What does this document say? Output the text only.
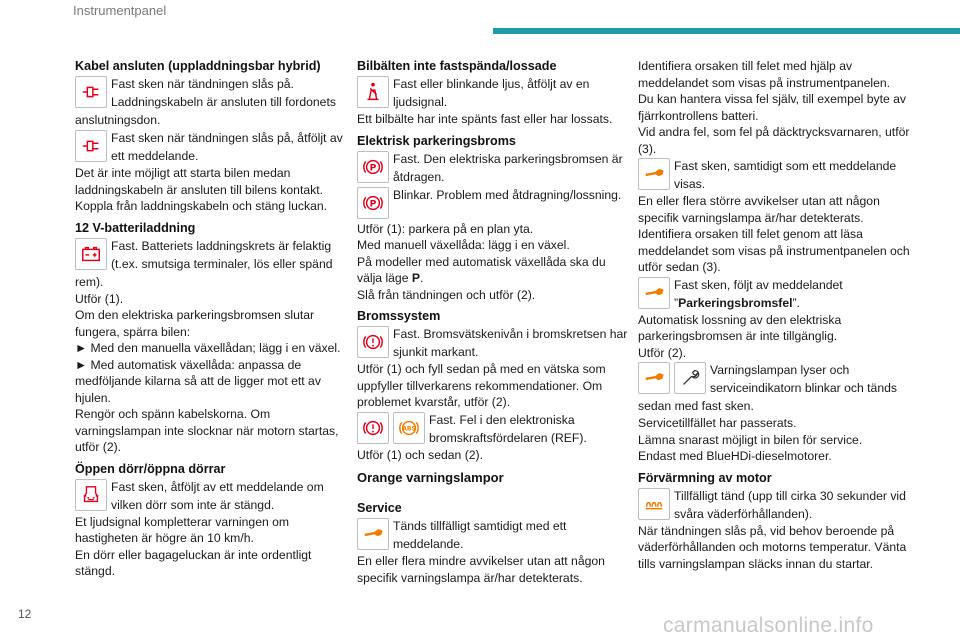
Instrumentpanel
Kabel ansluten (uppladdningsbar hybrid)
Fast sken när tändningen slås på. Laddningskabeln är ansluten till fordonets anslutningsdon.
Fast sken när tändningen slås på, åtföljt av ett meddelande.
Det är inte möjligt att starta bilen medan laddningskabeln är ansluten till bilens kontakt. Koppla från laddningskabeln och stäng luckan.
12 V-batteriladdning
Fast. Batteriets laddningskrets är felaktig (t.ex. smutsiga terminaler, lös eller spänd rem).
Utför (1).
Om den elektriska parkeringsbromsen slutar fungera, spärra bilen:
► Med den manuella växellådan; lägg i en växel.
► Med automatisk växellåda: anpassa de medföljande kilarna så att de ligger mot ett av hjulen.
Rengör och spänn kabelskorna. Om varningslampan inte slocknar när motorn startas, utför (2).
Öppen dörr/öppna dörrar
Fast sken, åtföljt av ett meddelande om vilken dörr som inte är stängd.
Et ljudsignal kompletterar varningen om hastigheten är högre än 10 km/h.
En dörr eller bagageluckan är inte ordentligt stängd.
Bilbälten inte fastspända/lossade
Fast eller blinkande ljus, åtföljt av en ljudsignal.
Ett bilbälte har inte spänts fast eller har lossats.
Elektrisk parkeringsbroms
P
Fast. Den elektriska parkeringsbromsen är åtdragen.
P
Blinkar. Problem med åtdragning/lossning.
Utför (1): parkera på en plan yta.
Med manuell växellåda: lägg i en växel.
På modeller med automatisk växellåda ska du välja läge P.
Slå från tändningen och utför (2).
Bromssystem
Fast. Bromsvätskenivån i bromskretsen har sjunkit markant.
Utför (1) och fyll sedan på med en vätska som uppfyller tillverkarens rekommendationer. Om problemet kvarstår, utför (2).
ABS
Fast. Fel i den elektroniska bromskraftsfördelaren (REF).
Utför (1) och sedan (2).
Orange varningslampor
Service
Tänds tillfälligt samtidigt med ett meddelande.
En eller flera mindre avvikelser utan att någon specifik varningslampa är/har detekterats.
Identifiera orsaken till felet med hjälp av meddelandet som visas på instrumentpanelen.
Du kan hantera vissa fel själv, till exempel byte av fjärrkontrollens batteri.
Vid andra fel, som fel på däcktrycksvarnaren, utför (3).
Fast sken, samtidigt som ett meddelande visas.
En eller flera större avvikelser utan att någon specifik varningslampa är/har detekterats.
Identifiera orsaken till felet genom att läsa meddelandet som visas på instrumentpanelen och utför sedan (3).
Fast sken, följt av meddelandet ”Parkeringsbromsfel”.
Automatisk lossning av den elektriska parkeringsbromsen är inte tillgänglig.
Utför (2).
Varningslampan lyser och serviceindikatorn blinkar och tänds sedan med fast sken.
Servicetillfället har passerats.
Lämna snarast möjligt in bilen för service.
Endast med BlueHDi-dieselmotorer.
Förvärmning av motor
Tillfälligt tänd (upp till cirka 30 sekunder vid svåra väderförhållanden).
När tändningen slås på, vid behov beroende på väderförhållanden och motorns temperatur. Vänta tills varningslampan släcks innan du startar.
12	carmanualsonline.info
